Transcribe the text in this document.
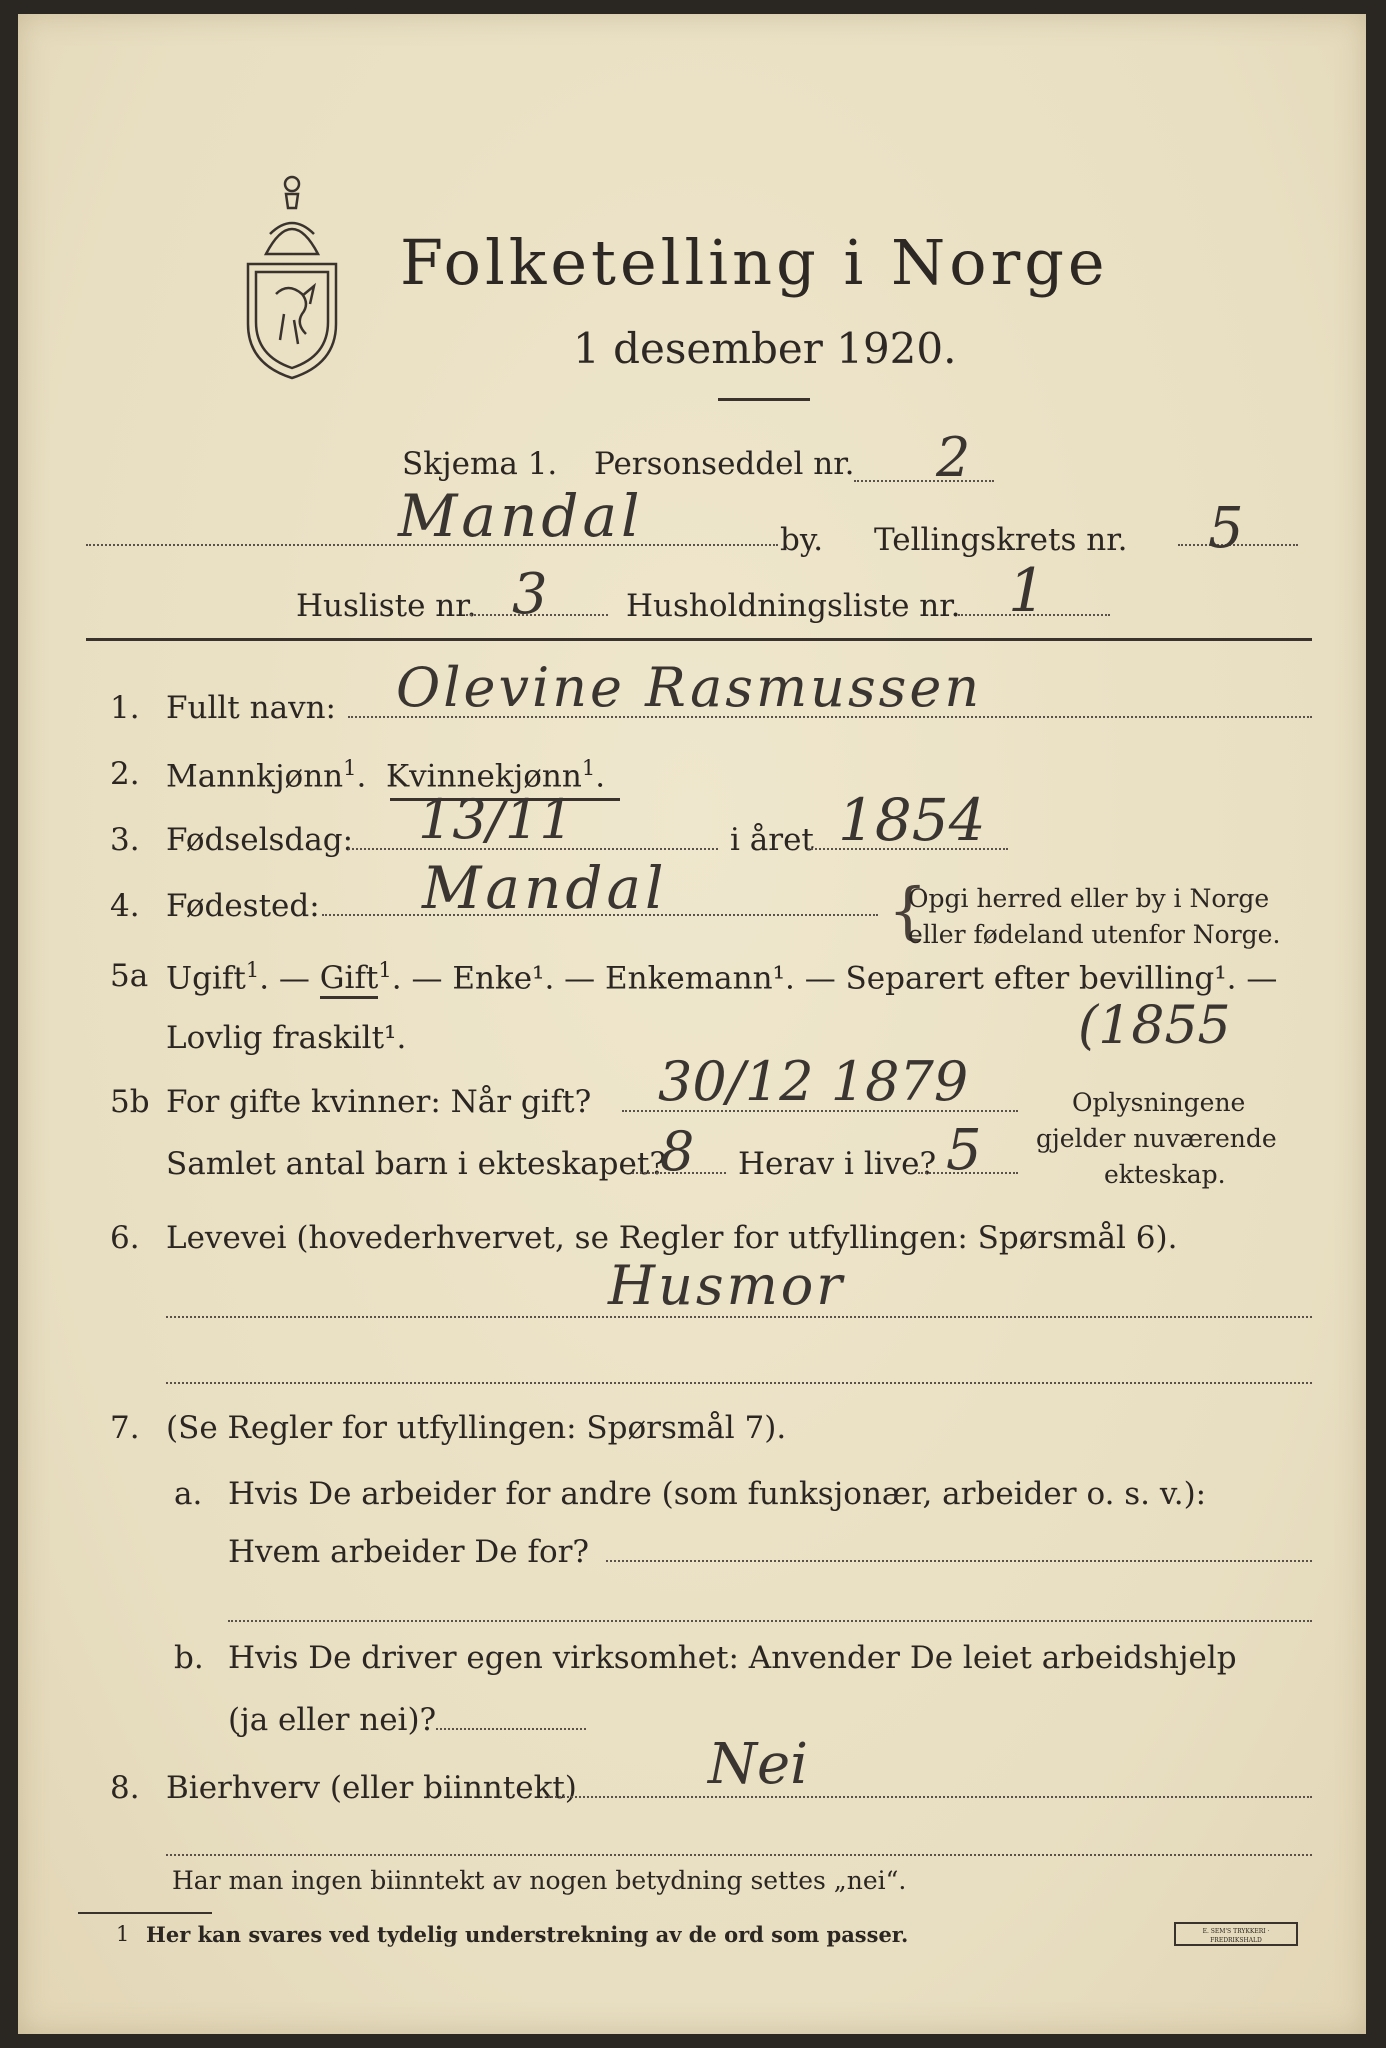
Folketelling i Norge
1 desember 1920.
Skjema 1. Personseddel nr. 2
Mandal	by. Tellingskrets nr. 5
Husliste nr. 3	Husholdningsliste nr. 1
1. Fullt navn: Olevine Rasmussen
2. Mannkjønn$^1$. Kvinnekjønn$^1$.
3. Fødselsdag: 13/11	i året 1854
4. Fødested: Mandal	{
Opgi herred eller by i Norge
eller fødeland utenfor Norge.
5a Ugift$^1$. — Gift$^1$. — Enke¹. — Enkemann¹. — Separert efter bevilling¹. —
Lovlig fraskilt¹.	(1855
5b For gifte kvinner: Når gift? 30/12 1879
Samlet antal barn i ekteskapet?
8 Herav i live? 5
Oplysningene
gjelder nuværende
ekteskap.
6. Levevei (hovederhvervet, se Regler for utfyllingen: Spørsmål 6).
Husmor
7. (Se Regler for utfyllingen: Spørsmål 7).
a. Hvis De arbeider for andre (som funksjonær, arbeider o. s. v.):
Hvem arbeider De for?
b. Hvis De driver egen virksomhet: Anvender De leiet arbeidshjelp
(ja eller nei)?
8. Bierhverv (eller biinntekt) Nei
Har man ingen biinntekt av nogen betydning settes „nei“.
1 Her kan svares ved tydelig understrekning av de ord som passer.	E. SEM'S TRYKKERI · FREDRIKSHALD
